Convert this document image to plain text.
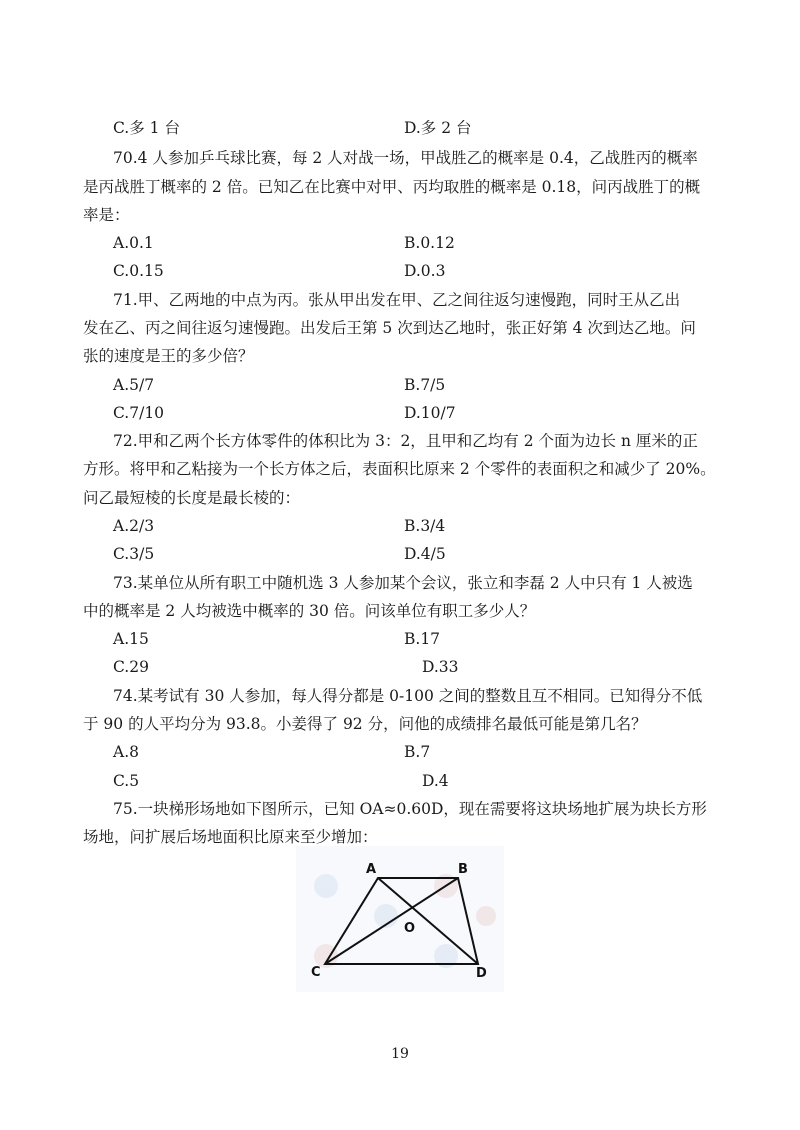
C.多 1 台	D.多 2 台
70.4 人参加乒乓球比赛，每 2 人对战一场，甲战胜乙的概率是 0.4，乙战胜丙的概率
是丙战胜丁概率的 2 倍。已知乙在比赛中对甲、丙均取胜的概率是 0.18，问丙战胜丁的概
率是：
A.0.1	B.0.12
C.0.15	D.0.3
71.甲、乙两地的中点为丙。张从甲出发在甲、乙之间往返匀速慢跑，同时王从乙出
发在乙、丙之间往返匀速慢跑。出发后王第 5 次到达乙地时，张正好第 4 次到达乙地。问
张的速度是王的多少倍？
A.5/7	B.7/5
C.7/10	D.10/7
72.甲和乙两个长方体零件的体积比为 3：2，且甲和乙均有 2 个面为边长 n 厘米的正
方形。将甲和乙粘接为一个长方体之后，表面积比原来 2 个零件的表面积之和减少了 20%。
问乙最短棱的长度是最长棱的：
A.2/3	B.3/4
C.3/5	D.4/5
73.某单位从所有职工中随机选 3 人参加某个会议，张立和李磊 2 人中只有 1 人被选
中的概率是 2 人均被选中概率的 30 倍。问该单位有职工多少人？
A.15	B.17
C.29	D.33
74.某考试有 30 人参加，每人得分都是 0-100 之间的整数且互不相同。已知得分不低
于 90 的人平均分为 93.8。小姜得了 92 分，问他的成绩排名最低可能是第几名？
A.8	B.7
C.5	D.4
75.一块梯形场地如下图所示，已知 OA≈0.60D，现在需要将这块场地扩展为块长方形
场地，问扩展后场地面积比原来至少增加：
A	B
C	D
O
19
